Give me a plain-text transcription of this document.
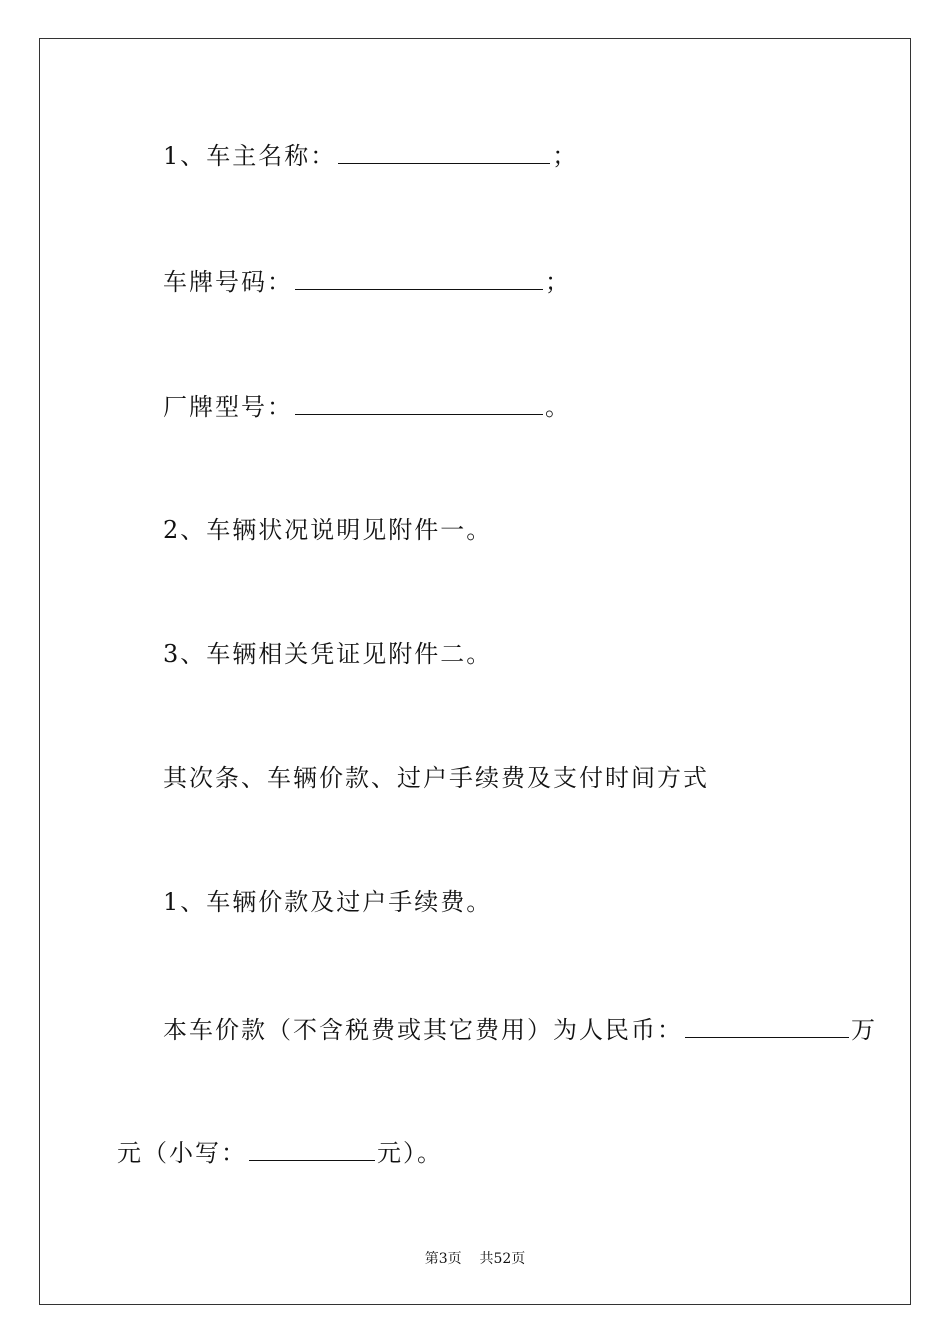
1、车主名称：	；
车牌号码：	；
厂牌型号：	。
2、车辆状况说明见附件一。
3、车辆相关凭证见附件二。
其次条、车辆价款、过户手续费及支付时间方式
1、车辆价款及过户手续费。
本车价款（不含税费或其它费用）为人民币：	万
元（小写：	元）。
第3页 共52页
